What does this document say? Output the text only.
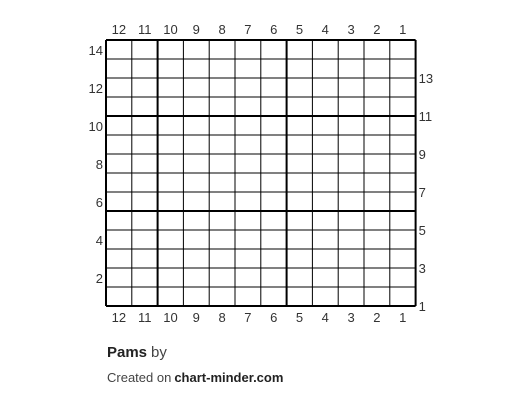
12 11 10 9 8 7 6 5 4 3 2 1
12 11 10 9 8 7 6 5 4 3 2 1
14
12
10
8
6
4
2
13
11
9
7
5
3
1
Pams by
Created on chart-minder.com
